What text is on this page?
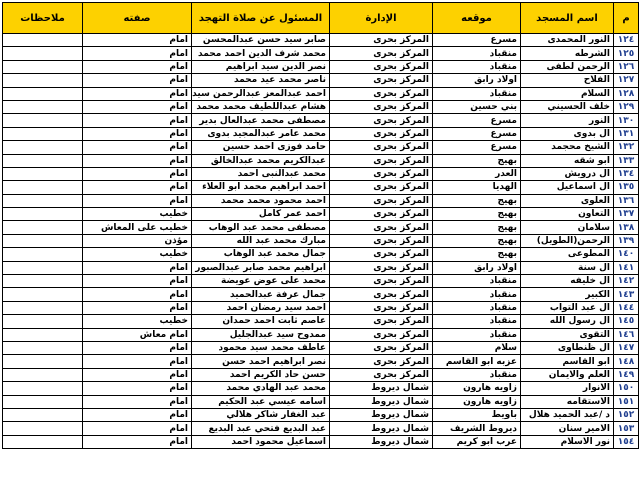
م	اسم المسجد	موقعه	الإدارة	المسئول عن صلاة التهجد	صفته	ملاحظات
١٢٤	النور المحمدى	مسرع	المركز بحرى	صابر سيد حسن عبدالمحسن	امام	
١٢٥	الشرطه	منقباد	المركز بحرى	محمد شرف الدين احمد محمد	امام	
١٢٦	الرحمن لطفى	منقباد	المركز بحرى	نصر الدين سيد ابراهيم	امام	
١٢٧	الفلاح	اولاد رابق	المركز بحرى	ناصر محمد عيد محمد	امام	
١٢٨	السلام	منقباد	المركز بحرى	احمد عبدالمعز عبدالرحمن سيد	امام	
١٢٩	خلف الحسيني	بني حسين	المركز بحرى	هشام عبداللطيف محمد محمد	امام	
١٣٠	النور	مسرع	المركز بحرى	مصطفى محمد عبدالعال بدير	امام	
١٣١	ال بدوى	مسرع	المركز بحرى	محمد عامر عبدالمجيد بدوى	امام	
١٣٢	الشيخ محجمد	مسرع	المركز بحرى	حامد فوزى احمد حسين	امام	
١٣٣	ابو شقه	بهيج	المركز بحرى	عبدالكريم محمد عبدالخالق	امام	
١٣٤	ال درويش	العدر	المركز بحرى	محمد عبدالنبى احمد	امام	
١٣٥	ال اسماعيل	الهديا	المركز بحرى	احمد ابراهيم محمد ابو العلاء	امام	
١٣٦	العلوى	بهيج	المركز بحرى	احمد محمود محمد محمد	امام	
١٣٧	التعاون	بهيج	المركز بحرى	احمد عمر كامل	خطيب	
١٣٨	سلامان	بهيج	المركز بحرى	مصطفى محمد عبد الوهاب	خطيب على المعاش	
١٣٩	الرحمن(الطويل)	بهيج	المركز بحرى	مبارك محمد عبد الله	مؤذن	
١٤٠	المطوعى	بهيج	المركز بحرى	جمال محمد عبد الوهاب	خطيب	
١٤١	ال سنة	اولاد رابق	المركز بحرى	ابراهيم محمد صابر عبدالصبور	امام	
١٤٢	ال خليفه	منقباد	المركز بحرى	محمد على عوض عويضة	امام	
١٤٣	الكبير	منقباد	المركز بحرى	جمال عرفة عبدالحميد	امام	
١٤٤	ال عبد التواب	منقباد	المركز بحرى	احمد سيد رمضان احمد	امام	
١٤٥	ال رسول الله	منقباد	المركز بحرى	عاصم ثابت احمد حمدان	خطيب	
١٤٦	التقوى	منقباد	المركز بحرى	ممدوح سيد عبدالجليل	امام معاش	
١٤٧	ال ظنطاوى	سلام	المركز بحرى	عاطف محمد سيد محمود	امام	
١٤٨	ابو القاسم	عزبه ابو القاسم	المركز بحرى	نصر ابراهيم احمد حسن	امام	
١٤٩	العلم والايمان	منقباد	المركز بحرى	حسن حاد الكريم احمد	امام	
١٥٠	الانوار	زاويه هارون	شمال ديروط	محمد عبد الهادي محمد	امام	
١٥١	الاستقامه	زاويه هارون	شمال ديروط	اسامه عيسي عبد الحكيم	امام	
١٥٢	د /عبد الحميد هلال	باويط	شمال ديروط	عبد الغفار شاكر هلالي	امام	
١٥٣	الامير سنان	ديروط الشريف	شمال ديروط	عبد البديع فتحي عبد البديع	امام	
١٥٤	نور الاسلام	عرب ابو كريم	شمال ديروط	اسماعيل محمود احمد	امام	
